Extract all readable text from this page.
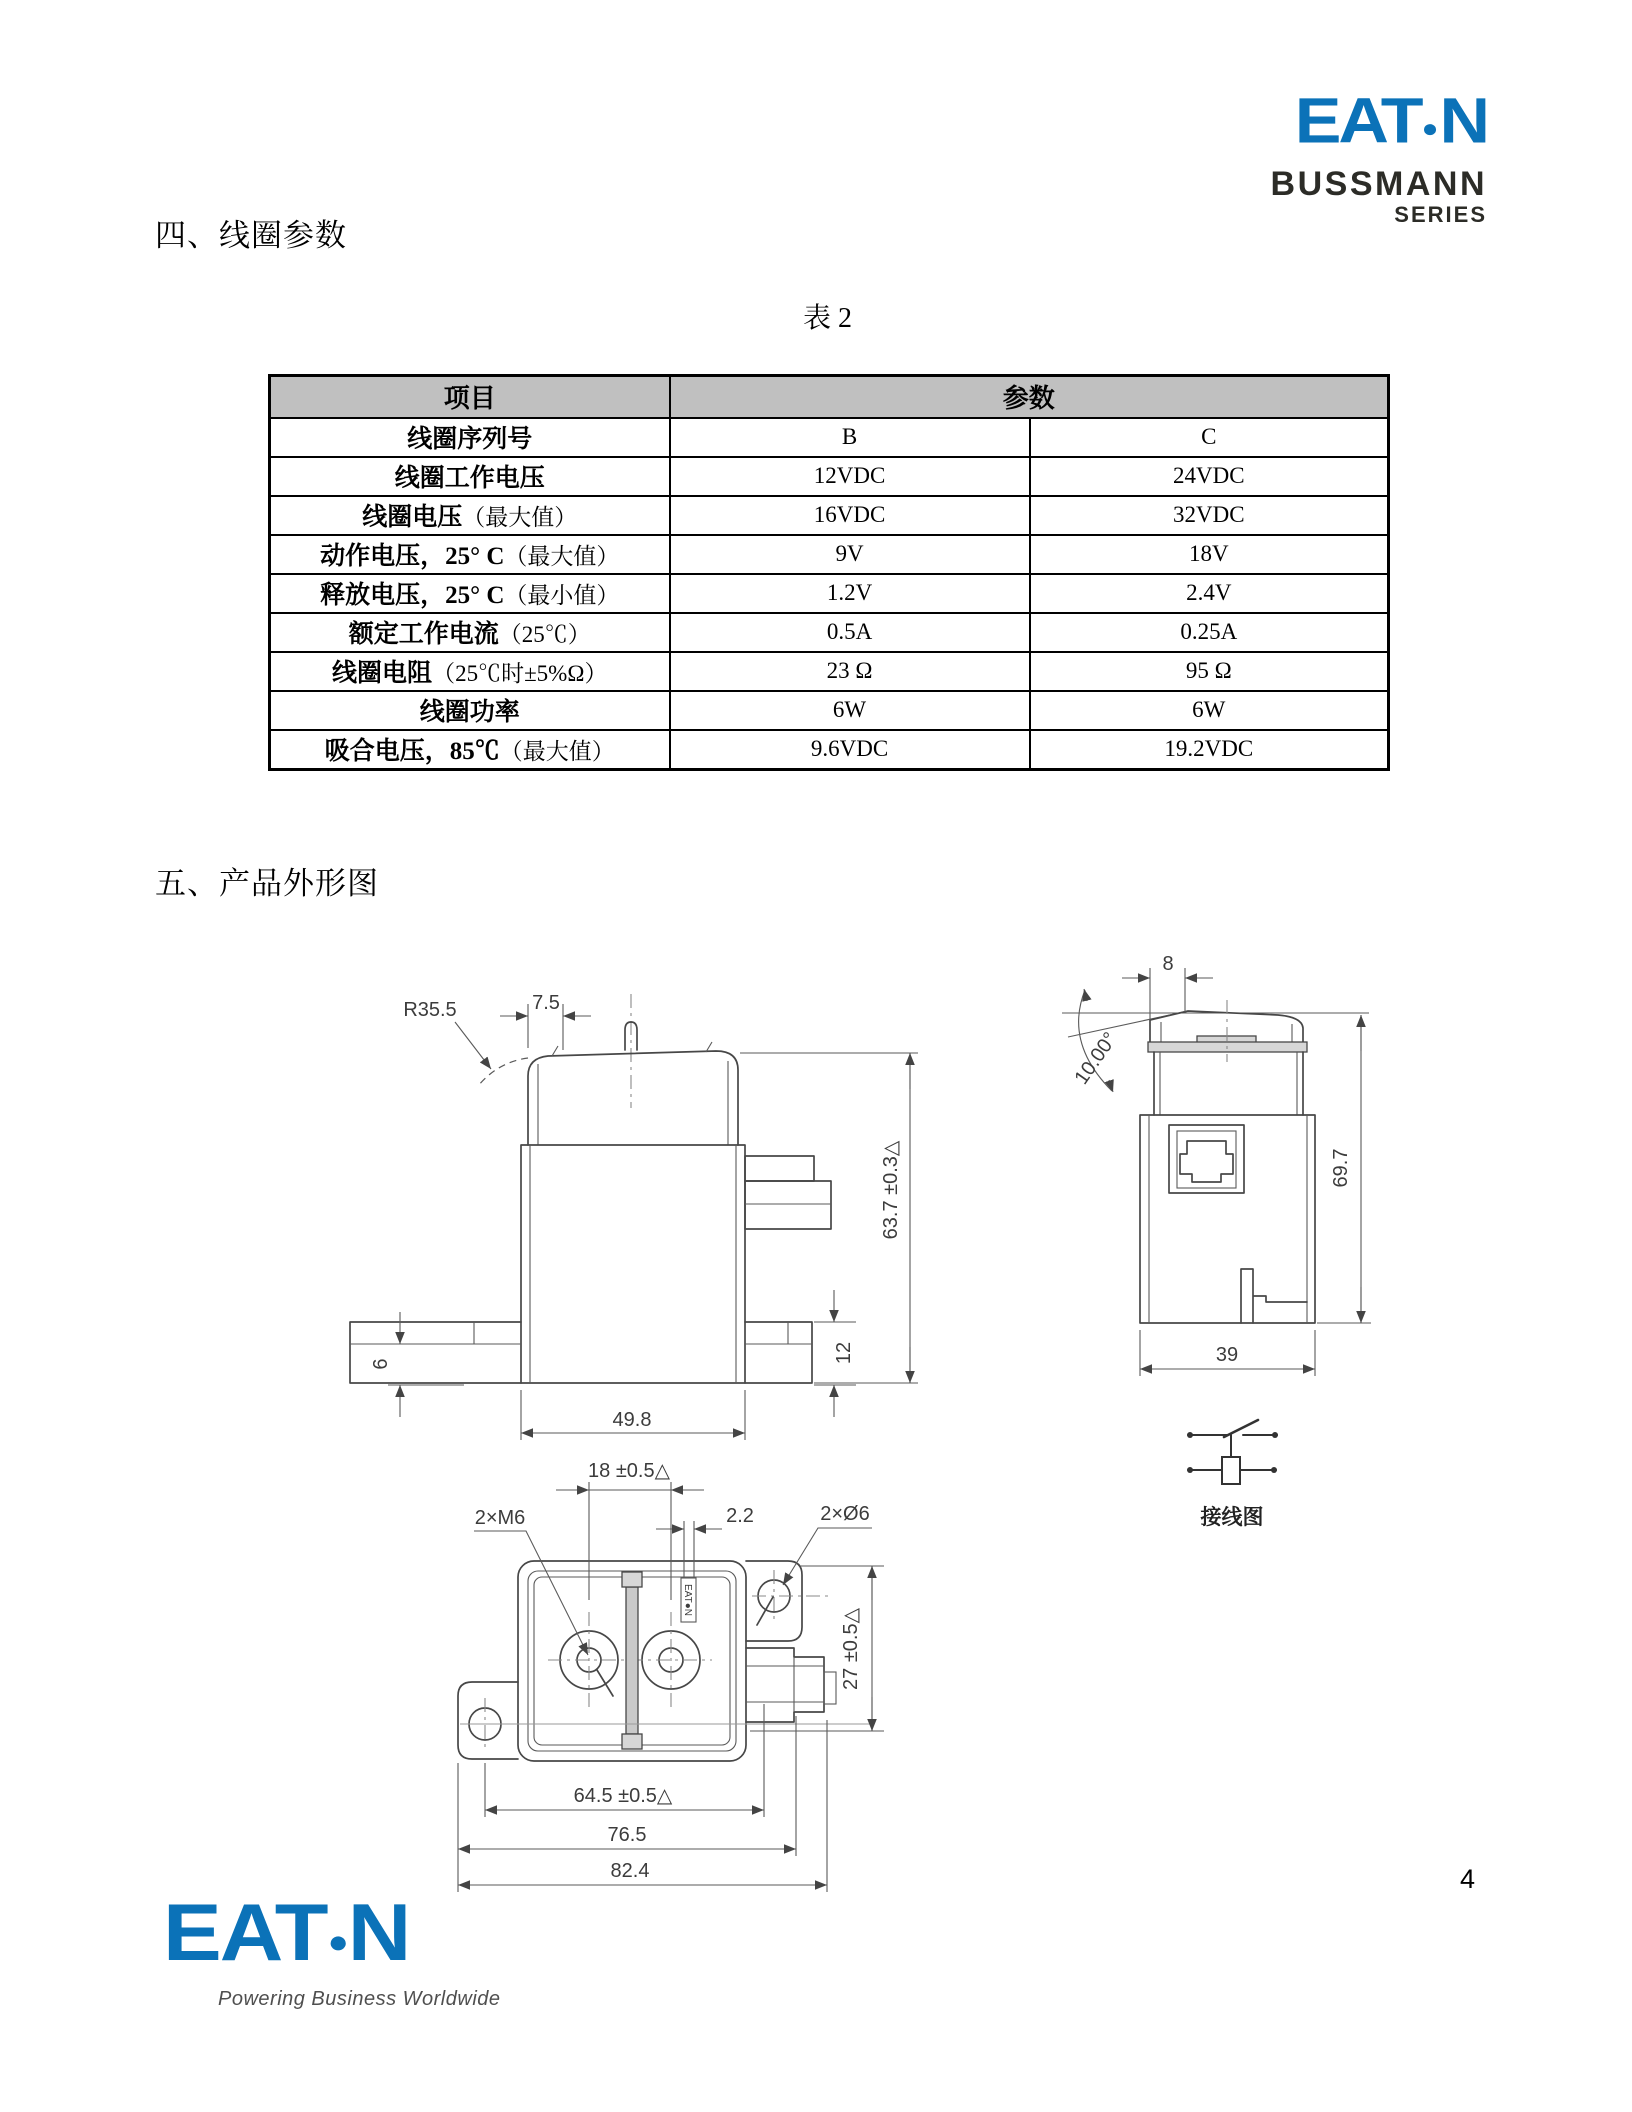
EAT●N
BUSSMANN
SERIES
四、线圈参数
表 2
项目	参数	
线圈序列号	B	C
线圈工作电压	12VDC	24VDC
线圈电压（最大值）	16VDC	32VDC
动作电压，25° C（最大值）	9V	18V
释放电压，25° C（最小值）	1.2V	2.4V
额定工作电流（25℃）	0.5A	0.25A
线圈电阻（25℃时±5%Ω）	23 Ω	95 Ω
线圈功率	6W	6W
吸合电压，85℃（最大值）	9.6VDC	19.2VDC
五、产品外形图
7.5
R35.5
63.7 ±0.3△
6	12
49.8
10.00°
8
69.7
39
EAT●N
18 ±0.5△
2.2
2×M6	2×Ø6
27 ±0.5△
64.5 ±0.5△
76.5
82.4
接线图
4
EAT●N
Powering Business Worldwide
